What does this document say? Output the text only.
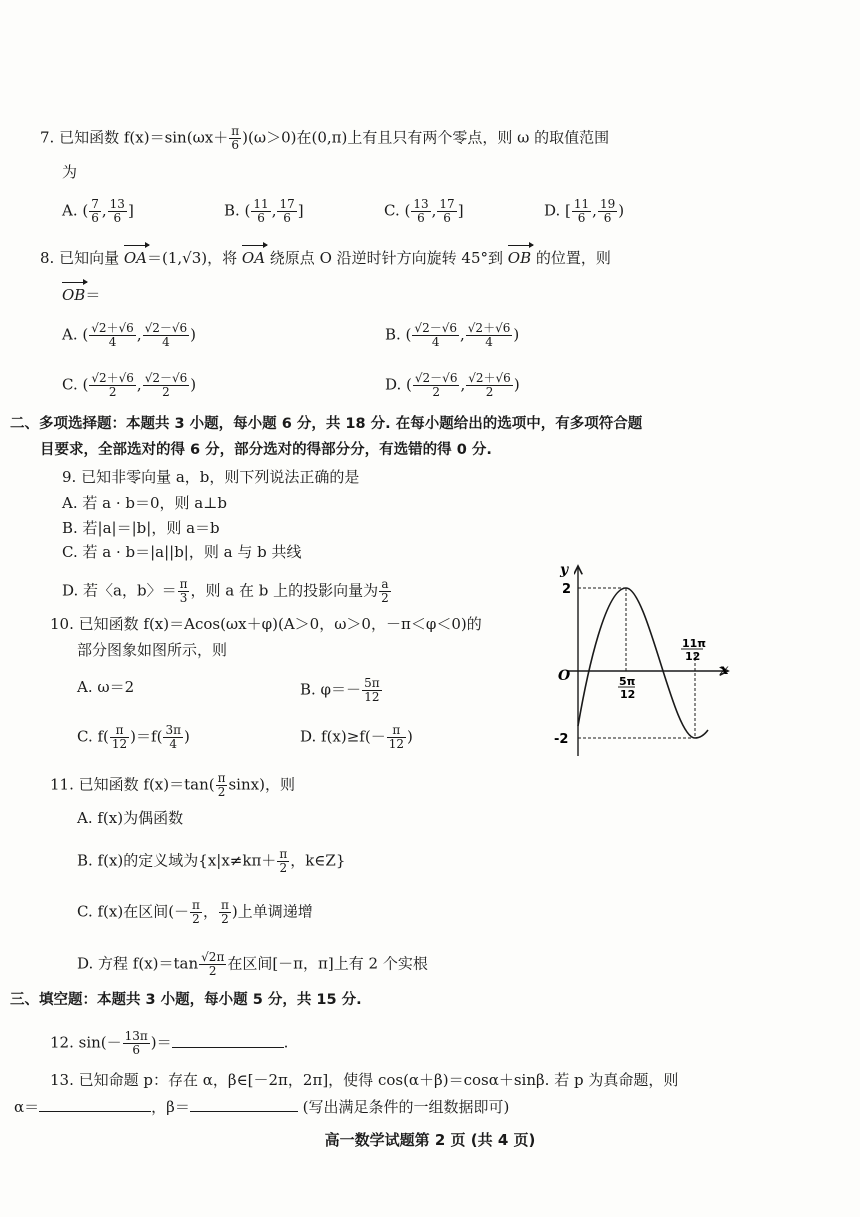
7. 已知函数 $f(x)=\sin(\omega x+ \frac{\pi}{6} )(\omega>0)$在(0,π)上有且只有两个零点，则 ω 的取值范围
为
A. ( $\frac{7}{6}$ , $\frac{13}{6}$ ]	B. ( $\frac{11}{6}$ , $\frac{17}{6}$ ]	C. ( $\frac{13}{6}$ , $\frac{17}{6}$ ]	D. [ $\frac{11}{6}$ , $\frac{19}{6}$ )
8. 已知向量 OA＝(1,√3)，将 OA 绕原点 O 沿逆时针方向旋转 45°到 OB 的位置，则
OB＝
A. ( $\frac{√2+√6}{4}$ , $\frac{√2-√6}{4}$ )	B. ( $\frac{√2-√6}{4}$ , $\frac{√2+√6}{4}$ )
C. ( $\frac{√2+√6}{2}$ , $\frac{√2-√6}{2}$ )	D. ( $\frac{√2-√6}{2}$ , $\frac{√2+√6}{2}$ )
二、多项选择题：本题共 3 小题，每小题 6 分，共 18 分. 在每小题给出的选项中，有多项符合题
目要求，全部选对的得 6 分，部分选对的得部分分，有选错的得 0 分.
9. 已知非零向量 a，b，则下列说法正确的是
A. 若 a · b＝0，则 a⊥b
B. 若|a|＝|b|，则 a＝b
C. 若 a · b＝|a||b|，则 a 与 b 共线
D. 若〈a，b〉＝ $\frac{\pi}{3}$ ，则 a 在 b 上的投影向量为 $\frac{a}{2}$
10. 已知函数 f(x)＝Acos(ωx＋φ)(A＞0，ω＞0，－π＜φ＜0)的
部分图象如图所示，则
A. ω＝2	B. $\varphi=- \frac{5\pi}{12}$
C. $f( \frac{\pi}{12} )=f( \frac{3\pi}{4}$ )	D. $f(x)\ge f(- \frac{\pi}{12}$ )
y
x
O
2
-2
5π
12
11π
12
11. 已知函数 $f(x)=\tan( \frac{\pi}{2} \sin x)$，则
A. f(x)为偶函数
B. f(x)的定义域为{$x|x\ne k\pi+ \frac{\pi}{2}$ ，k∈Z}
C. f(x)在区间(－ $\frac{\pi}{2}$ ， $\frac{\pi}{2}$ )上单调递增
D. 方程 $f(x)=\tan \frac{√2\pi}{2}$ 在区间[－π，π]上有 2 个实根
三、填空题：本题共 3 小题，每小题 5 分，共 15 分.
12. $\sin(- \frac{13\pi}{6}$ )＝	.
13. 已知命题 p：存在 α，β∈[－2π，2π]，使得 cos(α＋β)＝cosα＋sinβ. 若 p 为真命题，则
α＝	，β＝	(写出满足条件的一组数据即可)
高一数学试题第 2 页 (共 4 页)
